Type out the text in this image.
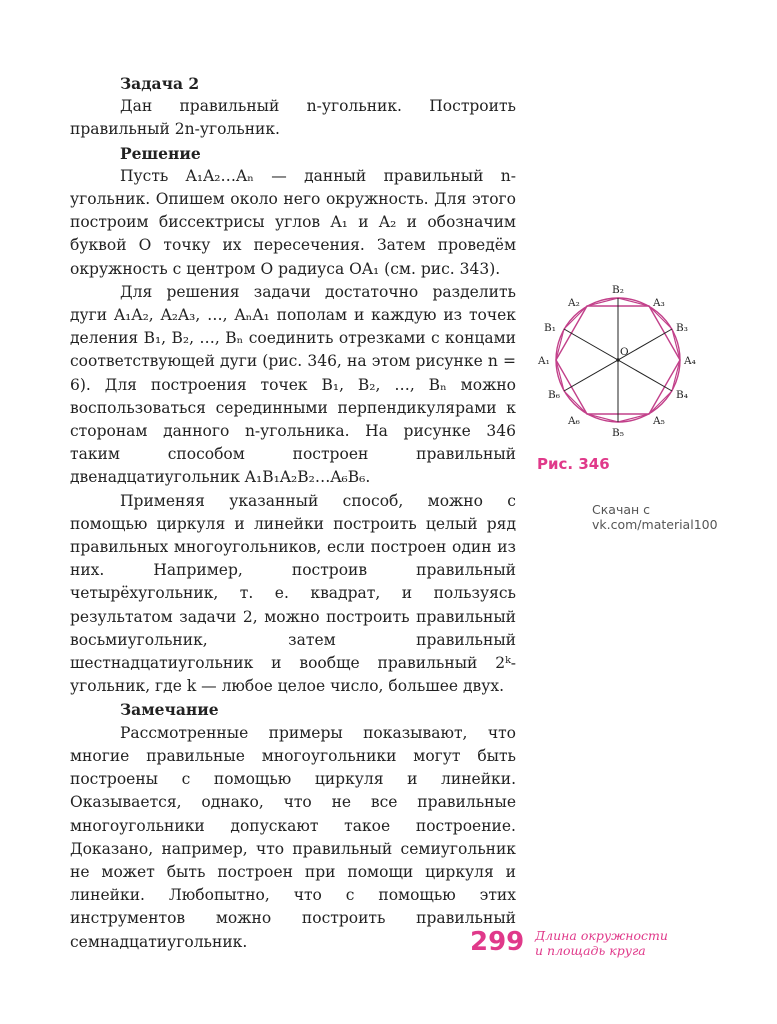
Задача 2

Дан правильный n-угольник. Построить правильный 2n-угольник.

Решение

Пусть A₁A₂…Aₙ — данный правильный n-угольник. Опишем около него окружность. Для этого построим биссектрисы углов A₁ и A₂ и обозначим буквой O точку их пересечения. Затем проведём окружность с центром O радиуса OA₁ (см. рис. 343).

Для решения задачи достаточно разделить дуги A₁A₂, A₂A₃, …, AₙA₁ пополам и каждую из точек деления B₁, B₂, …, Bₙ соединить отрезками с концами соответствующей дуги (рис. 346, на этом рисунке n = 6). Для построения точек B₁, B₂, …, Bₙ можно воспользоваться серединными перпендикулярами к сторонам данного n-угольника. На рисунке 346 таким способом построен правильный двенадцатиугольник A₁B₁A₂B₂…A₆B₆.

Применяя указанный способ, можно с помощью циркуля и линейки построить целый ряд правильных многоугольников, если построен один из них. Например, построив правильный четырёхугольник, т. е. квадрат, и пользуясь результатом задачи 2, можно построить правильный восьмиугольник, затем правильный шестнадцатиугольник и вообще правильный 2ᵏ-угольник, где k — любое целое число, большее двух.

Замечание

Рассмотренные примеры показывают, что многие правильные многоугольники могут быть построены с помощью циркуля и линейки. Оказывается, однако, что не все правильные многоугольники допускают такое построение. Доказано, например, что правильный семиугольник не может быть построен при помощи циркуля и линейки. Любопытно, что с помощью этих инструментов можно построить правильный семнадцатиугольник.

O
A₁
A₂
B₂
A₃
B₃
A₄
B₄
A₅
B₅
A₆
B₆
B₁
Рис. 346
Скачан с vk.com/material100
299 Длина окружности
и площадь круга
